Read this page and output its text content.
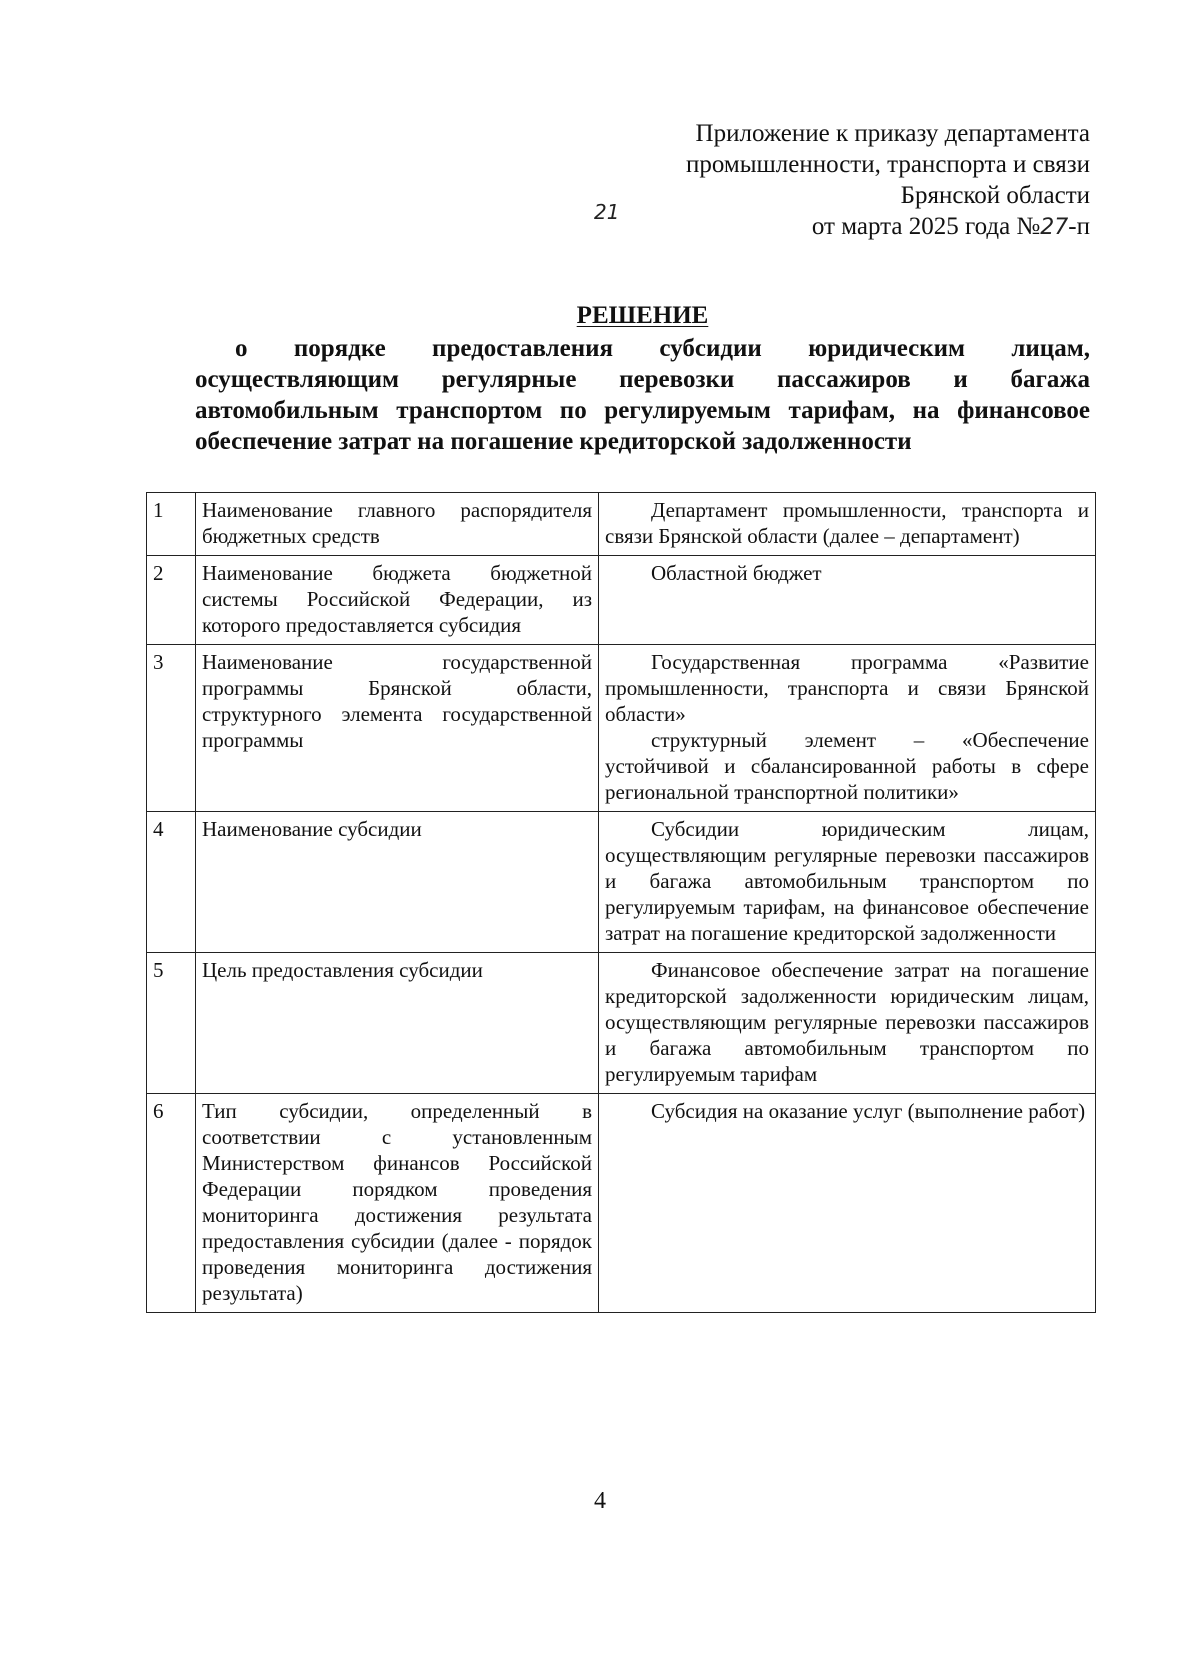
Приложение к приказу департамента
промышленности, транспорта и связи
Брянской области
21
от марта 2025 года №27-п
РЕШЕНИЕ
о порядке предоставления субсидии юридическим лицам, осуществляющим регулярные перевозки пассажиров и багажа автомобильным транспортом по регулируемым тарифам, на финансовое обеспечение затрат на погашение кредиторской задолженности
1	Наименование главного распорядителя бюджетных средств	Департамент промышленности, транспорта и связи Брянской области (далее – департамент)

2	Наименование бюджета бюджетной системы Российской Федерации, из которого предоставляется субсидия	Областной бюджет

3	Наименование государственной программы Брянской области, структурного элемента государственной программы	Государственная программа «Развитие промышленности, транспорта и связи Брянской области»
структурный элемент – «Обеспечение устойчивой и сбалансированной работы в сфере региональной транспортной политики»

4	Наименование субсидии	Субсидии юридическим лицам, осуществляющим регулярные перевозки пассажиров и багажа автомобильным транспортом по регулируемым тарифам, на финансовое обеспечение затрат на погашение кредиторской задолженности

5	Цель предоставления субсидии	Финансовое обеспечение затрат на погашение кредиторской задолженности юридическим лицам, осуществляющим регулярные перевозки пассажиров и багажа автомобильным транспортом по регулируемым тарифам

6	Тип субсидии, определенный в соответствии с установленным Министерством финансов Российской Федерации порядком проведения мониторинга достижения результата предоставления субсидии (далее - порядок проведения мониторинга достижения результата)	Субсидия на оказание услуг (выполнение работ)
4
